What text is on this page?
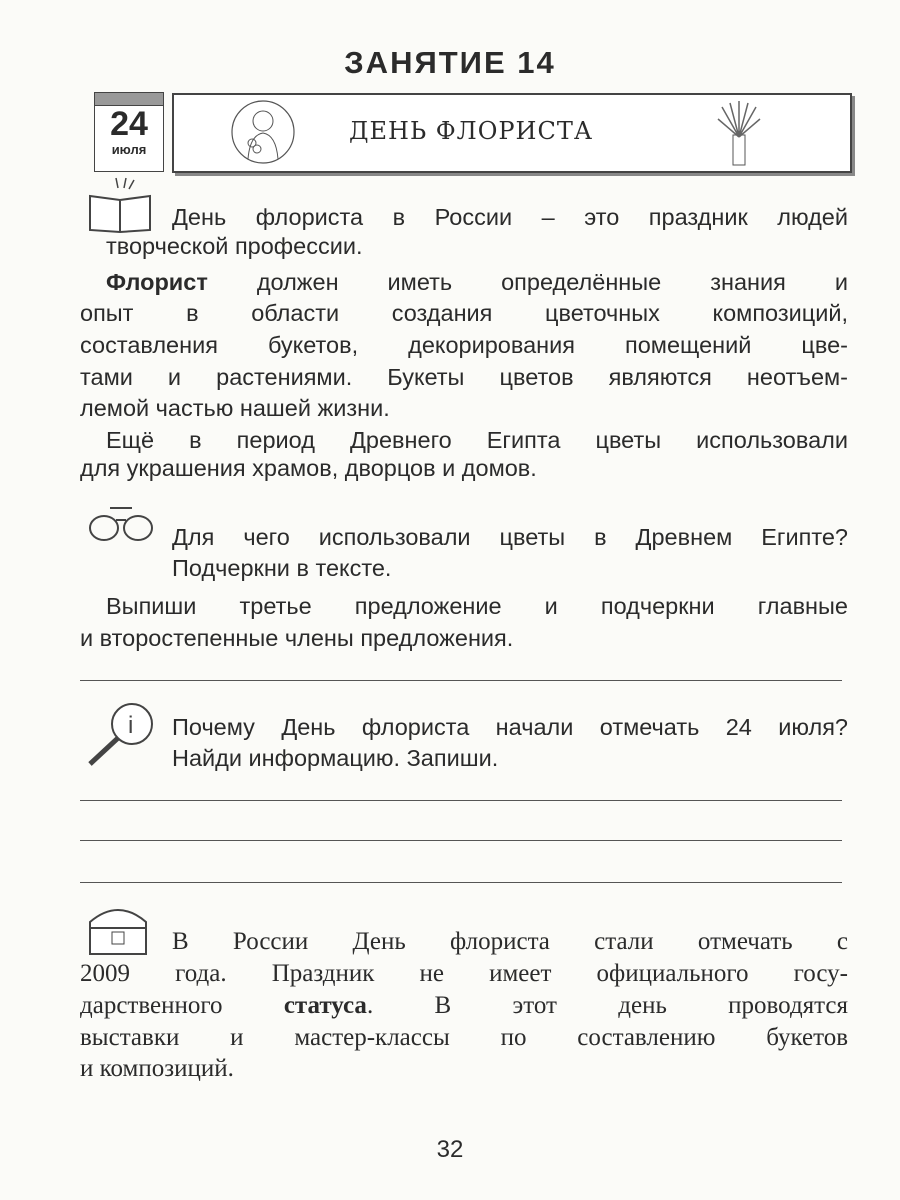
ЗАНЯТИЕ 14
24
июля
ДЕНЬ ФЛОРИСТА
i
День флориста в России – это праздник людей
творческой профессии.
Флорист должен иметь определённые знания и
опыт в области создания цветочных композиций,
составления букетов, декорирования помещений цве-
тами и растениями. Букеты цветов являются неотъем-
лемой частью нашей жизни.
Ещё в период Древнего Египта цветы использовали
для украшения храмов, дворцов и домов.
Для чего использовали цветы в Древнем Египте?
Подчеркни в тексте.
Выпиши третье предложение и подчеркни главные
и второстепенные члены предложения.
Почему День флориста начали отмечать 24 июля?
Найди информацию. Запиши.
В России День флориста стали отмечать с
2009 года. Праздник не имеет официального госу-
дарственного статуса. В этот день проводятся
выставки и мастер-классы по составлению букетов
и композиций.
32
